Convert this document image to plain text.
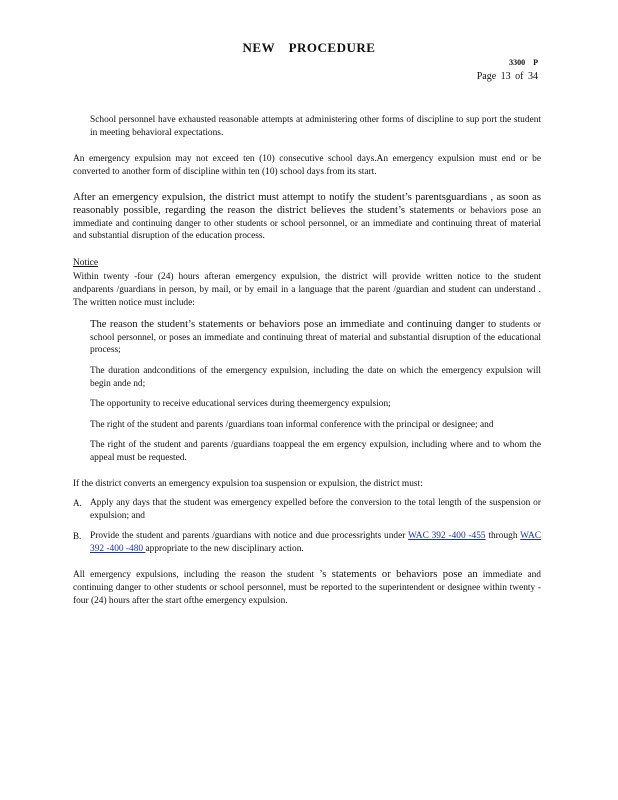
NEW PROCEDURE
3300 P
Page 13 of 34
School personnel have exhausted reasonable attempts at administering other forms of discipline to sup port the student in meeting behavioral expectations.

An emergency expulsion may not exceed ten (10) consecutive school days.An emergency expulsion must end or be converted to another form of discipline within ten (10) school days from its start.

After an emergency expulsion, the district must attempt to notify the student’s parentsguardians , as soon as reasonably possible, regarding the reason the district believes the student’s statements or behaviors pose an immediate and continuing danger to other students or school personnel, or an immediate and continuing threat of material and substantial disruption of the education process.

Notice

Within twenty -four (24) hours afteran emergency expulsion, the district will provide written notice to the student andparents /guardians in person, by mail, or by email in a language that the parent /guardian and student can understand . The written notice must include:

The reason the student’s statements or behaviors pose an immediate and continuing danger to students or school personnel, or poses an immediate and continuing threat of material and substantial disruption of the educational process;
The duration andconditions of the emergency expulsion, including the date on which the emergency expulsion will begin ande nd;
The opportunity to receive educational services during theemergency expulsion;
The right of the student and parents /guardians toan informal conference with the principal or designee; and
The right of the student and parents /guardians toappeal the em ergency expulsion, including where and to whom the appeal must be requested.

If the district converts an emergency expulsion toa suspension or expulsion, the district must:

A. Apply any days that the student was emergency expelled before the conversion to the total length of the suspension or expulsion; and
B. Provide the student and parents /guardians with notice and due processrights under WAC 392 -400 -455 through WAC 392 -400 -480 appropriate to the new disciplinary action.

All emergency expulsions, including the reason the student ’s statements or behaviors pose an immediate and continuing danger to other students or school personnel, must be reported to the superintendent or designee within twenty -four (24) hours after the start ofthe emergency expulsion.
